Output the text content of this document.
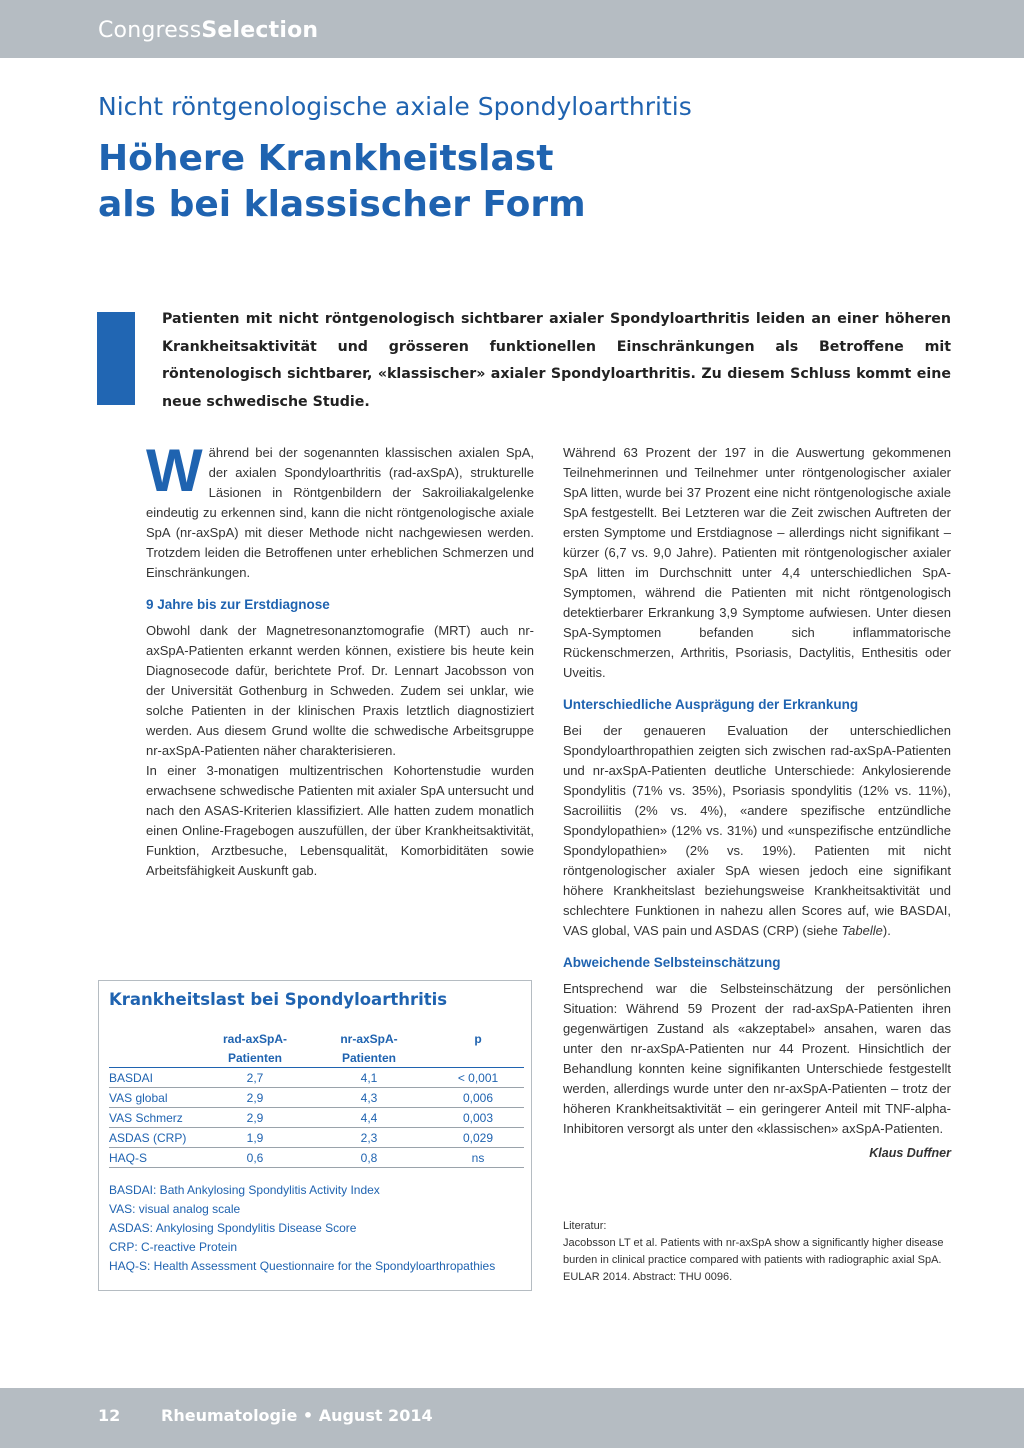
CongressSelection
Nicht röntgenologische axiale Spondyloarthritis
Höhere Krankheitslast
als bei klassischer Form
Patienten mit nicht röntgenologisch sichtbarer axialer Spondyloarthritis leiden an einer höheren Krankheitsaktivität und grösseren funktionellen Einschränkungen als Betroffene mit röntenologisch sichtbarer, «klassischer» axialer Spondyloarthritis. Zu diesem Schluss kommt eine neue schwedische Studie.

Während bei der sogenannten klassischen axialen SpA, der axialen Spondyloarthritis (rad-axSpA), strukturelle Läsionen in Röntgenbildern der Sakroiliakalgelenke eindeutig zu erkennen sind, kann die nicht röntgenologische axiale SpA (nr-axSpA) mit dieser Methode nicht nachgewiesen werden. Trotzdem leiden die Betroffenen unter erheblichen Schmerzen und Einschränkungen.

9 Jahre bis zur Erstdiagnose

Obwohl dank der Magnetresonanztomografie (MRT) auch nr-axSpA-Patienten erkannt werden können, existiere bis heute kein Diagnosecode dafür, berichtete Prof. Dr. Lennart Jacobsson von der Universität Gothenburg in Schweden. Zudem sei unklar, wie solche Patienten in der klinischen Praxis letztlich diagnostiziert werden. Aus diesem Grund wollte die schwedische Arbeitsgruppe nr-axSpA-Patienten näher charakterisieren.

In einer 3-monatigen multizentrischen Kohortenstudie wurden erwachsene schwedische Patienten mit axialer SpA untersucht und nach den ASAS-Kriterien klassifiziert. Alle hatten zudem monatlich einen Online-Fragebogen auszufüllen, der über Krankheitsaktivität, Funktion, Arztbesuche, Lebensqualität, Komorbiditäten sowie Arbeitsfähigkeit Auskunft gab.

Während 63 Prozent der 197 in die Auswertung gekommenen Teilnehmerinnen und Teilnehmer unter röntgenologischer axialer SpA litten, wurde bei 37 Prozent eine nicht röntgenologische axiale SpA festgestellt. Bei Letzteren war die Zeit zwischen Auftreten der ersten Symptome und Erstdiagnose – allerdings nicht signifikant – kürzer (6,7 vs. 9,0 Jahre). Patienten mit röntgenologischer axialer SpA litten im Durchschnitt unter 4,4 unterschiedlichen SpA-Symptomen, während die Patienten mit nicht röntgenologisch detektierbarer Erkrankung 3,9 Symptome aufwiesen. Unter diesen SpA-Symptomen befanden sich inflammatorische Rückenschmerzen, Arthritis, Psoriasis, Dactylitis, Enthesitis oder Uveitis.

Unterschiedliche Ausprägung der Erkrankung

Bei der genaueren Evaluation der unterschiedlichen Spondyloarthropathien zeigten sich zwischen rad-axSpA-Patienten und nr-axSpA-Patienten deutliche Unterschiede: Ankylosierende Spondylitis (71% vs. 35%), Psoriasis spondylitis (12% vs. 11%), Sacroiliitis (2% vs. 4%), «andere spezifische entzündliche Spondylopathien» (12% vs. 31%) und «unspezifische entzündliche Spondylopathien» (2% vs. 19%). Patienten mit nicht röntgenologischer axialer SpA wiesen jedoch eine signifikant höhere Krankheitslast beziehungsweise Krankheitsaktivität und schlechtere Funktionen in nahezu allen Scores auf, wie BASDAI, VAS global, VAS pain und ASDAS (CRP) (siehe Tabelle).

Abweichende Selbsteinschätzung

Entsprechend war die Selbsteinschätzung der persönlichen Situation: Während 59 Prozent der rad-axSpA-Patienten ihren gegenwärtigen Zustand als «akzeptabel» ansahen, waren das unter den nr-axSpA-Patienten nur 44 Prozent. Hinsichtlich der Behandlung konnten keine signifikanten Unterschiede festgestellt werden, allerdings wurde unter den nr-axSpA-Patienten – trotz der höheren Krankheitsaktivität – ein geringerer Anteil mit TNF-alpha-Inhibitoren versorgt als unter den «klassischen» axSpA-Patienten.

Klaus Duffner

Literatur:

Jacobsson LT et al. Patients with nr-axSpA show a significantly higher disease burden in clinical practice compared with patients with radiographic axial SpA. EULAR 2014. Abstract: THU 0096.

Krankheitslast bei Spondyloarthritis
	rad-axSpA-	nr-axSpA-	p
	Patienten	Patienten	
BASDAI	2,7	4,1	< 0,001
VAS global	2,9	4,3	0,006
VAS Schmerz	2,9	4,4	0,003
ASDAS (CRP)	1,9	2,3	0,029
HAQ-S	0,6	0,8	ns
BASDAI: Bath Ankylosing Spondylitis Activity Index
VAS: visual analog scale
ASDAS: Ankylosing Spondylitis Disease Score
CRP: C-reactive Protein
HAQ-S: Health Assessment Questionnaire for the Spondyloarthropathies
12	Rheumatologie • August 2014
